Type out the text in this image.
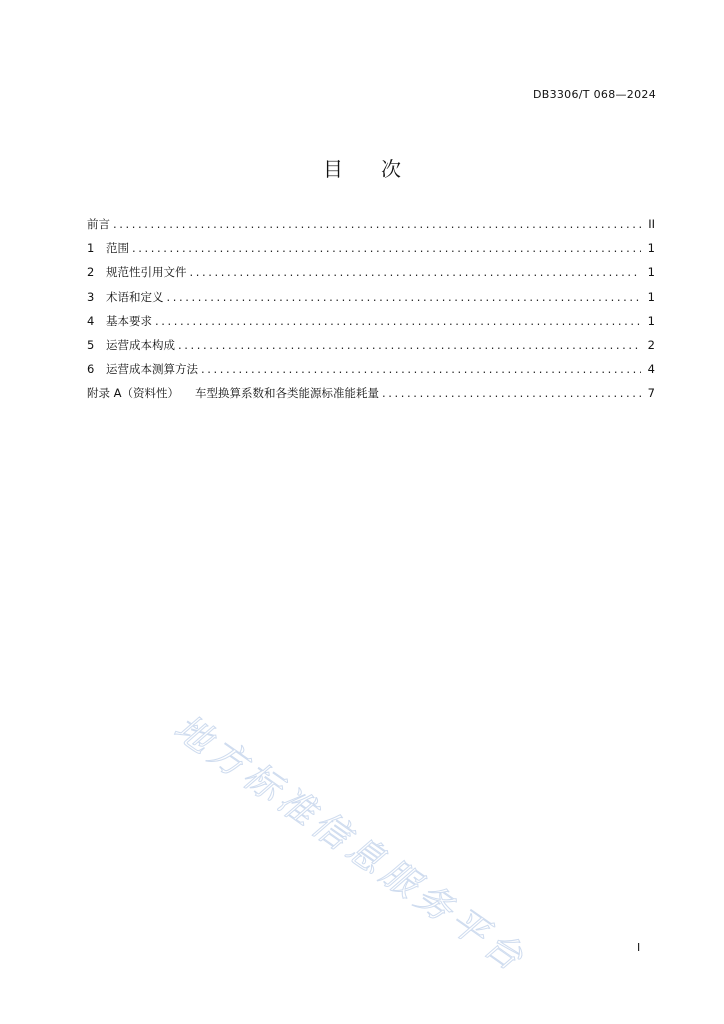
DB3306/T 068—2024
目 次
前言 .....	II
1	范围 .....	1
2	规范性引用文件 .....	1
3	术语和定义 .....	1
4	基本要求 .....	1
5	运营成本构成 .....	2
6	运营成本测算方法 .....	4
附录 A（资料性） 车型换算系数和各类能源标准能耗量 .....	7
地方标准信息服务平台	I
